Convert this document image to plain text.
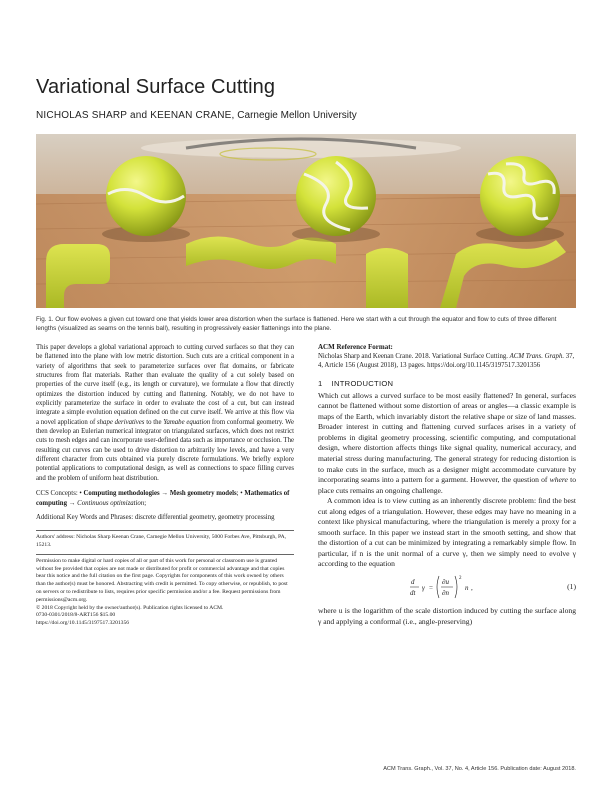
Variational Surface Cutting
NICHOLAS SHARP and KEENAN CRANE, Carnegie Mellon University
Fig. 1. Our flow evolves a given cut toward one that yields lower area distortion when the surface is flattened. Here we start with a cut through the equator and flow to cuts of three different lengths (visualized as seams on the tennis ball), resulting in progressively easier flattenings into the plane.

This paper develops a global variational approach to cutting curved surfaces so that they can be flattened into the plane with low metric distortion. Such cuts are a critical component in a variety of algorithms that seek to parameterize surfaces over flat domains, or fabricate structures from flat materials. Rather than evaluate the quality of a cut solely based on properties of the curve itself (e.g., its length or curvature), we formulate a flow that directly optimizes the distortion induced by cutting and flattening. Notably, we do not have to explicitly parameterize the surface in order to evaluate the cost of a cut, but can instead integrate a simple evolution equation defined on the cut curve itself. We arrive at this flow via a novel application of shape derivatives to the Yamabe equation from conformal geometry. We then develop an Eulerian numerical integrator on triangulated surfaces, which does not restrict cuts to mesh edges and can incorporate user-defined data such as importance or occlusion. The resulting cut curves can be used to drive distortion to arbitrarily low levels, and have a very different character from cuts obtained via purely discrete formulations. We briefly explore potential applications to computational design, as well as connections to space filling curves and the problem of uniform heat distribution.

CCS Concepts: • Computing methodologies → Mesh geometry models; • Mathematics of computing → Continuous optimization;

Additional Key Words and Phrases: discrete differential geometry, geometry processing

Authors' address: Nicholas Sharp Keenan Crane, Carnegie Mellon University, 5000 Forbes Ave, Pittsburgh, PA, 15213.

Permission to make digital or hard copies of all or part of this work for personal or classroom use is granted without fee provided that copies are not made or distributed for profit or commercial advantage and that copies bear this notice and the full citation on the first page. Copyrights for components of this work owned by others than the author(s) must be honored. Abstracting with credit is permitted. To copy otherwise, or republish, to post on servers or to redistribute to lists, requires prior specific permission and/or a fee. Request permissions from permissions@acm.org.

© 2018 Copyright held by the owner/author(s). Publication rights licensed to ACM.

0730-0301/2018/8-ART156 $15.00

https://doi.org/10.1145/3197517.3201356

ACM Reference Format:

Nicholas Sharp and Keenan Crane. 2018. Variational Surface Cutting. ACM Trans. Graph. 37, 4, Article 156 (August 2018), 13 pages. https://doi.org/10.1145/3197517.3201356

1 INTRODUCTION

Which cut allows a curved surface to be most easily flattened? In general, surfaces cannot be flattened without some distortion of areas or angles—a classic example is maps of the Earth, which invariably distort the relative shape or size of land masses. Broader interest in cutting and flattening curved surfaces arises in a variety of problems in digital geometry processing, scientific computing, and computational design, where distortion affects things like signal quality, numerical accuracy, and material stress during manufacturing. The general strategy for reducing distortion is to make cuts in the surface, much as a designer might accommodate curvature by incorporating seams into a pattern for a garment. However, the question of where to place cuts remains an ongoing challenge.

A common idea is to view cutting as an inherently discrete problem: find the best cut along edges of a triangulation. However, these edges may have no meaning in a context like physical manufacturing, where the triangulation is merely a proxy for a smooth surface. In this paper we instead start in the smooth setting, and show that the distortion of a cut can be minimized by integrating a remarkably simple flow. In particular, if n is the unit normal of a curve γ, then we simply need to evolve γ according to the equation

d
dt
γ =
∂u
∂n
2
n ,	(1)

where u is the logarithm of the scale distortion induced by cutting the surface along γ and applying a conformal (i.e., angle-preserving)

ACM Trans. Graph., Vol. 37, No. 4, Article 156. Publication date: August 2018.
